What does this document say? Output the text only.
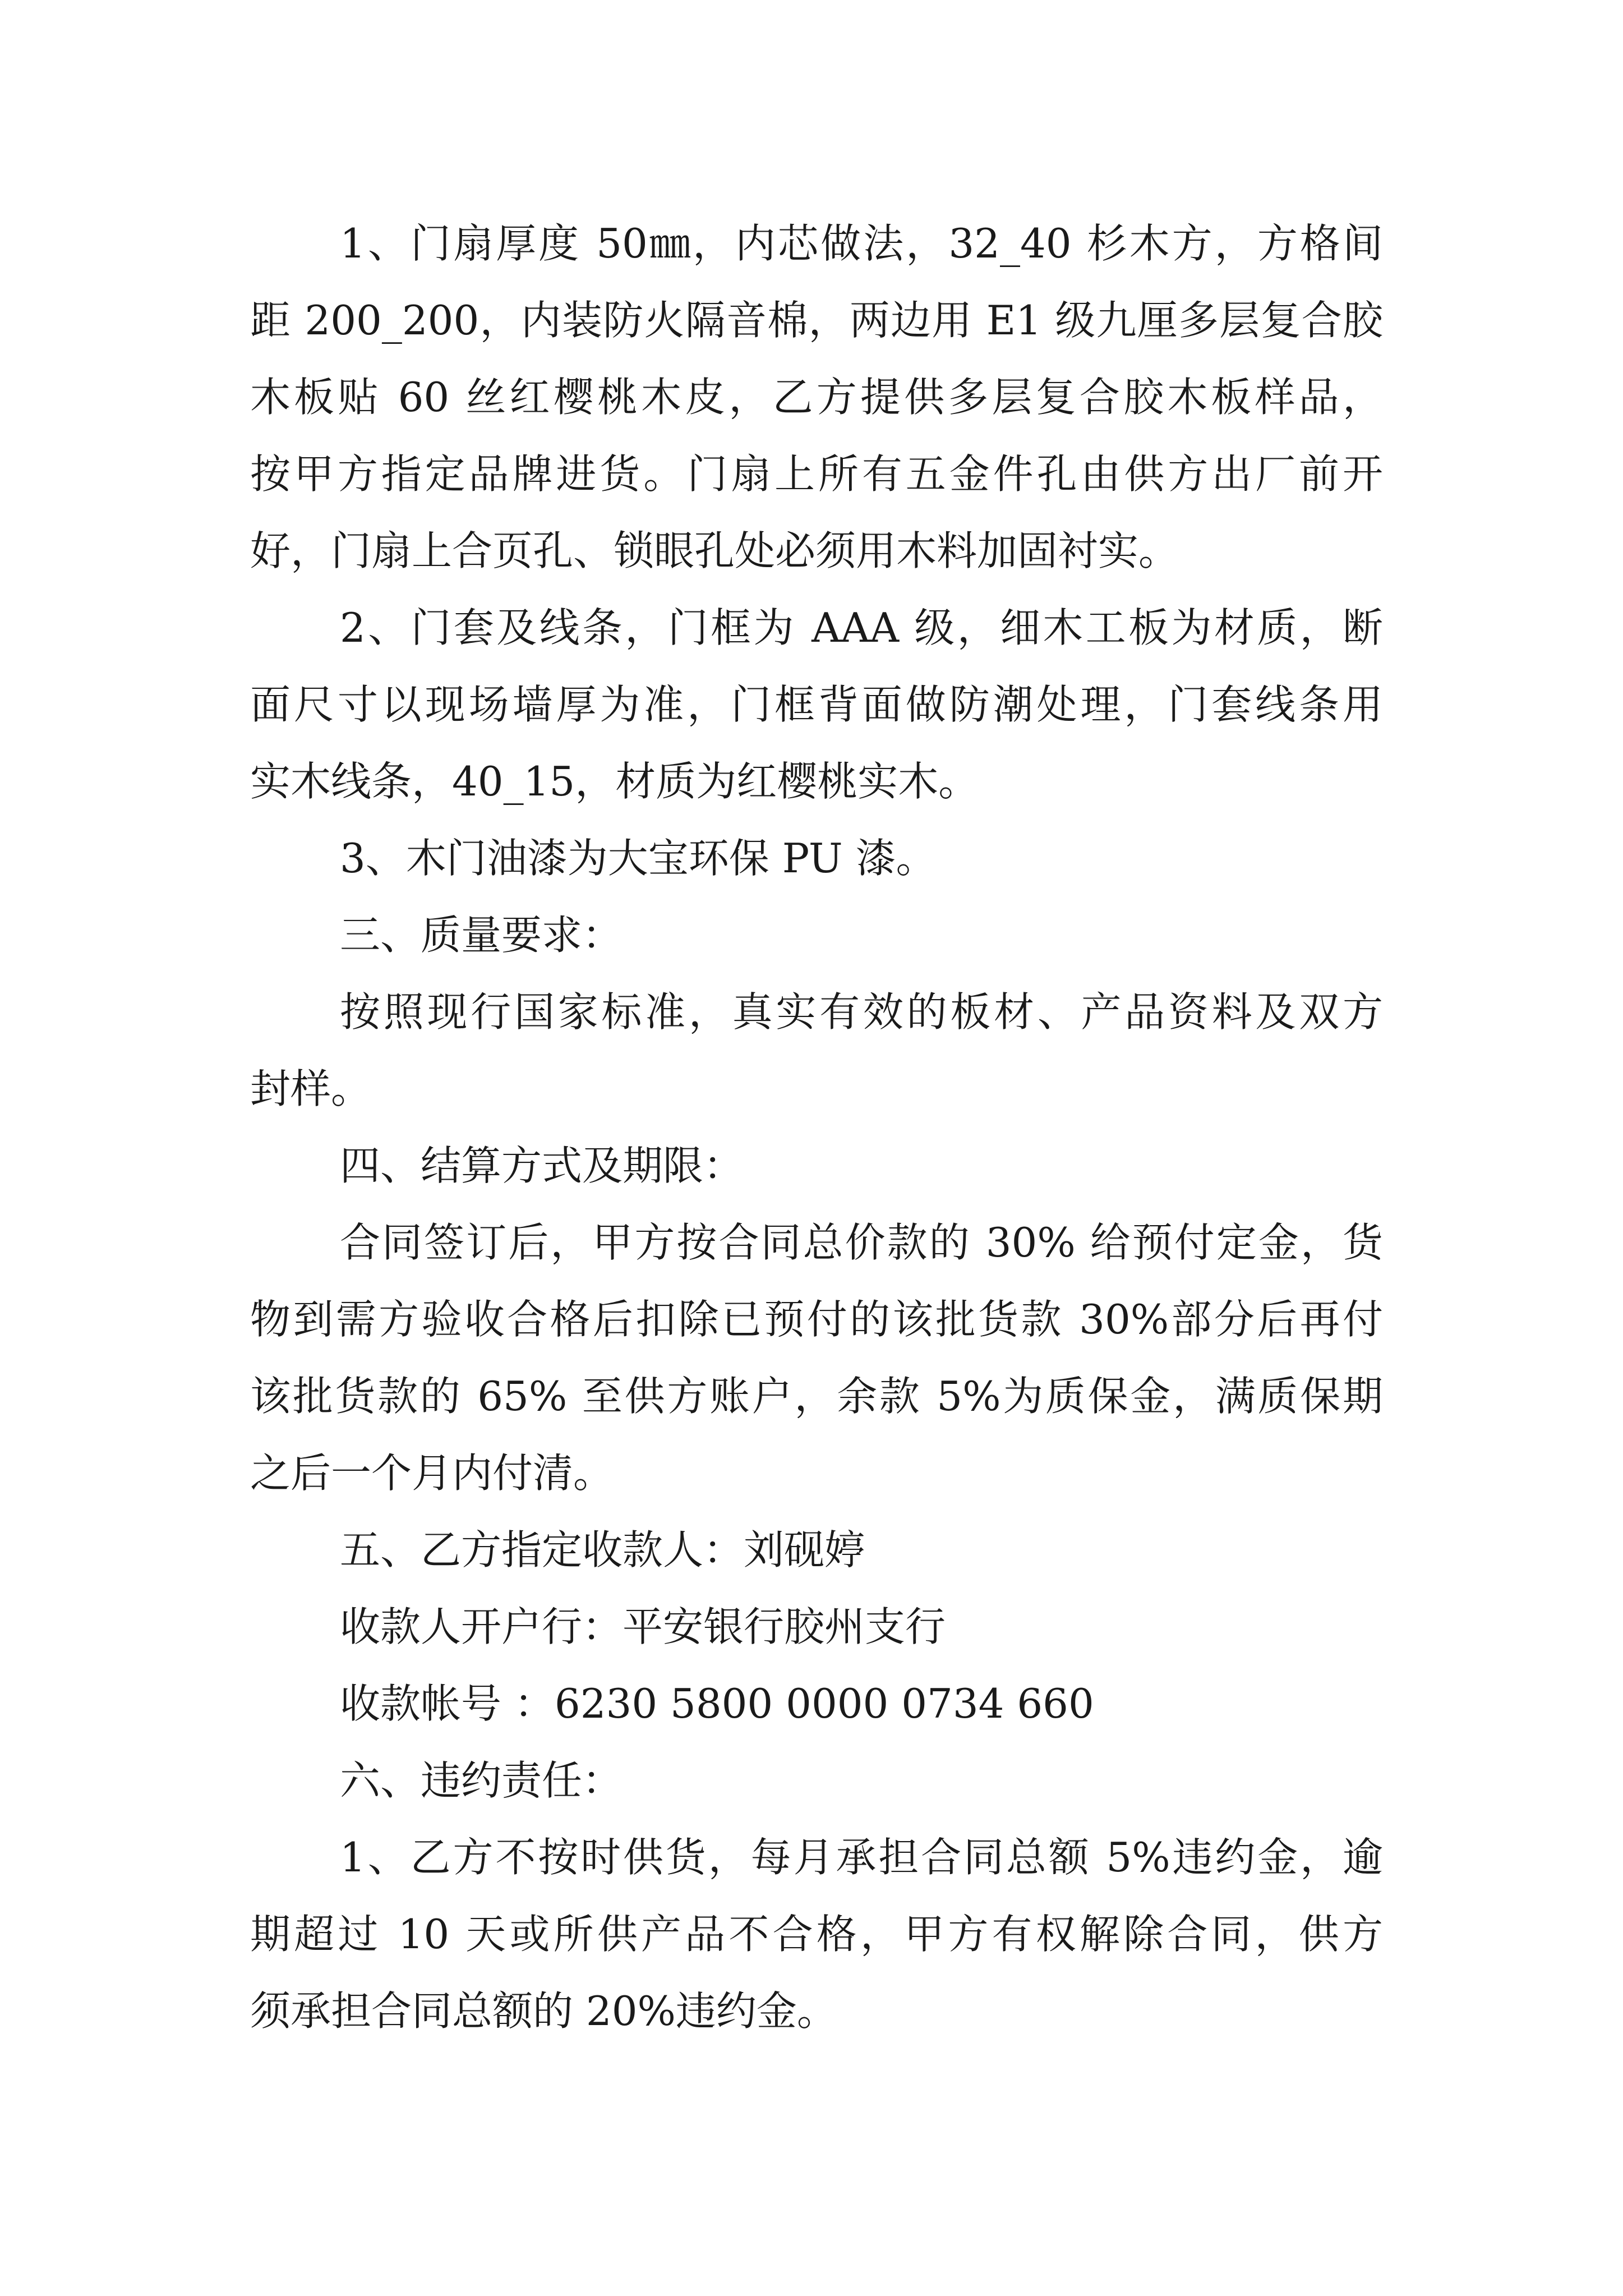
1、门扇厚度 50㎜，内芯做法，32_40 杉木方，方格间
距 200_200，内装防火隔音棉，两边用 E1 级九厘多层复合胶
木板贴 60 丝红樱桃木皮，乙方提供多层复合胶木板样品，
按甲方指定品牌进货。门扇上所有五金件孔由供方出厂前开
好，门扇上合页孔、锁眼孔处必须用木料加固衬实。
2、门套及线条，门框为 AAA 级，细木工板为材质，断
面尺寸以现场墙厚为准，门框背面做防潮处理，门套线条用
实木线条，40_15，材质为红樱桃实木。
3、木门油漆为大宝环保 PU 漆。
三、质量要求：
按照现行国家标准，真实有效的板材、产品资料及双方
封样。
四、结算方式及期限：
合同签订后，甲方按合同总价款的 30% 给预付定金，货
物到需方验收合格后扣除已预付的该批货款 30%部分后再付
该批货款的 65% 至供方账户，余款 5%为质保金，满质保期
之后一个月内付清。
五、乙方指定收款人：刘砚婷
收款人开户行：平安银行胶州支行
收款帐号 ：6230 5800 0000 0734 660
六、违约责任：
1、乙方不按时供货，每月承担合同总额 5%违约金，逾
期超过 10 天或所供产品不合格，甲方有权解除合同，供方
须承担合同总额的 20%违约金。
